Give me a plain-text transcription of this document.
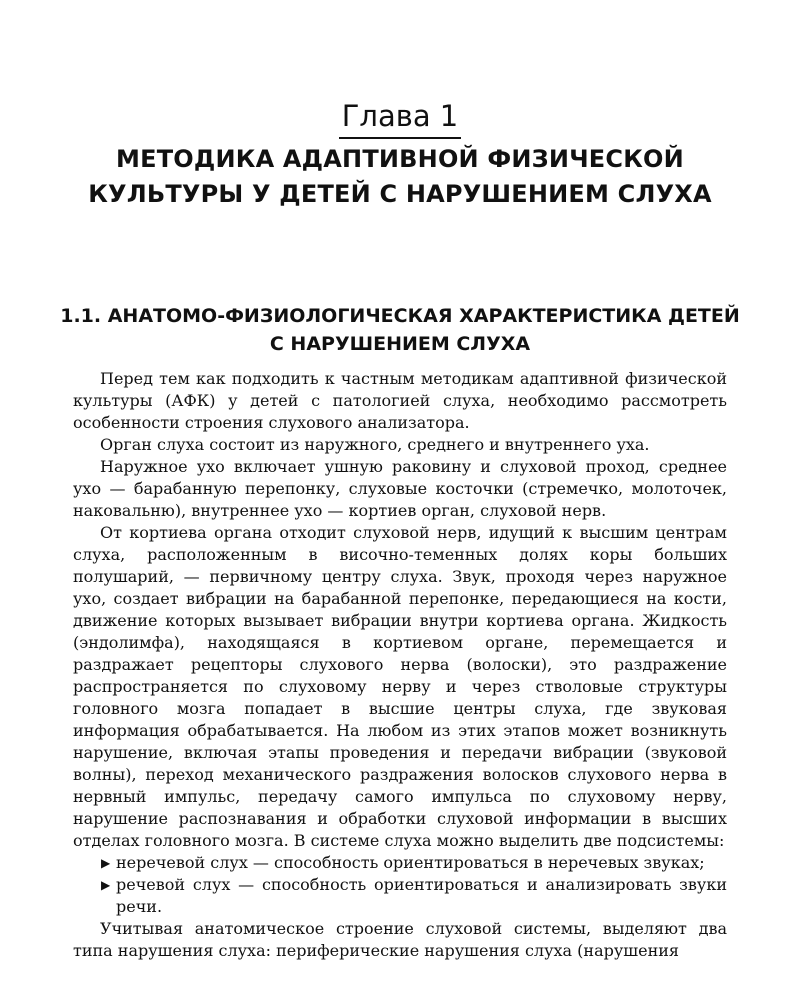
Глава 1
МЕТОДИКА АДАПТИВНОЙ ФИЗИЧЕСКОЙ КУЛЬТУРЫ У ДЕТЕЙ С НАРУШЕНИЕМ СЛУХА
1.1. АНАТОМО-ФИЗИОЛОГИЧЕСКАЯ ХАРАКТЕРИСТИКА ДЕТЕЙ С НАРУШЕНИЕМ СЛУХА

Перед тем как подходить к частным методикам адаптивной физической культуры (АФК) у детей с патологией слуха, необходимо рассмотреть особенности строения слухового анализатора.

Орган слуха состоит из наружного, среднего и внутреннего уха.

Наружное ухо включает ушную раковину и слуховой проход, среднее ухо — барабанную перепонку, слуховые косточки (стремечко, молоточек, наковальню), внутреннее ухо — кортиев орган, слуховой нерв.

От кортиева органа отходит слуховой нерв, идущий к высшим центрам слуха, расположенным в височно-теменных долях коры больших полушарий, — первичному центру слуха. Звук, проходя через наружное ухо, создает вибрации на барабанной перепонке, передающиеся на кости, движение которых вызывает вибрации внутри кортиева органа. Жидкость (эндолимфа), находящаяся в кортиевом органе, перемещается и раздражает рецепторы слухового нерва (волоски), это раздражение распространяется по слуховому нерву и через стволовые структуры головного мозга попадает в высшие центры слуха, где звуковая информация обрабатывается. На любом из этих этапов может возникнуть нарушение, включая этапы проведения и передачи вибрации (звуковой волны), переход механического раздражения волосков слухового нерва в нервный импульс, передачу самого импульса по слуховому нерву, нарушение распознавания и обработки слуховой информации в высших отделах головного мозга. В системе слуха можно выделить две подсистемы:

▶ неречевой слух — способность ориентироваться в неречевых звуках;
▶ речевой слух — способность ориентироваться и анализировать звуки речи.

Учитывая анатомическое строение слуховой системы, выделяют два типа нарушения слуха: периферические нарушения слуха (нарушения
